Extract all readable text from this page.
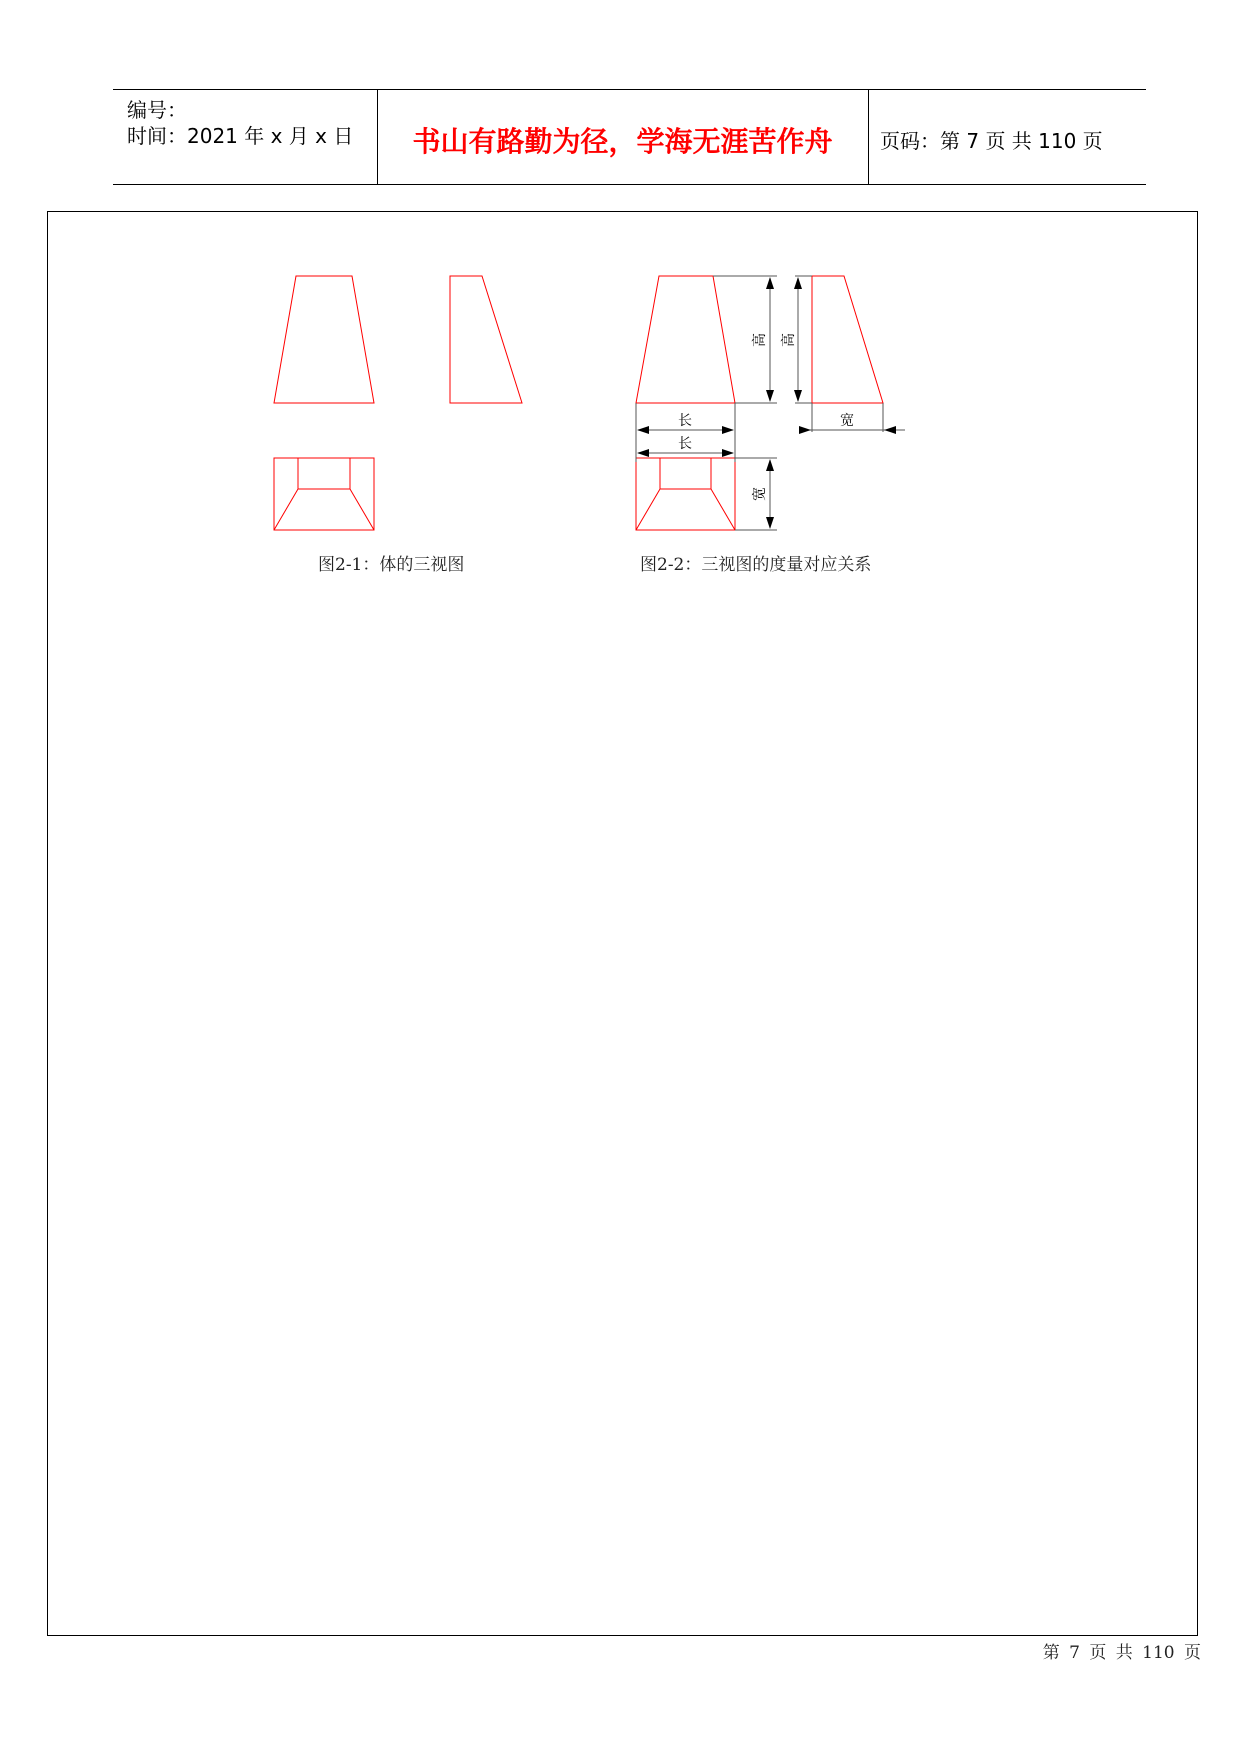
编号：
时间：2021 年 x 月 x 日	书山有路勤为径，学海无涯苦作舟	页码：第 7 页 共 110 页
高 高
长
长
宽
宽
图2-1：体的三视图	图2-2：三视图的度量对应关系
第 7 页 共 110 页
